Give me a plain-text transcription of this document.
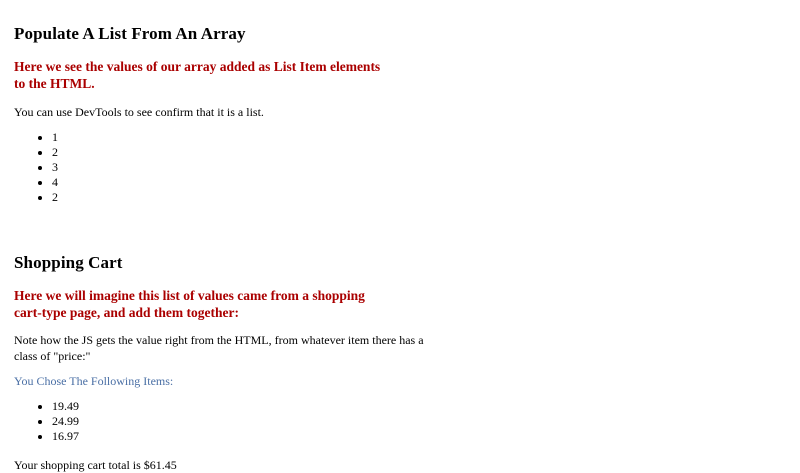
Populate A List From An Array
Here we see the values of our array added as List Item elements to the HTML.

You can use DevTools to see confirm that it is a list.

• 1
• 2
• 3
• 4
• 2
Shopping Cart
Here we will imagine this list of values came from a shopping cart-type page, and add them together:

Note how the JS gets the value right from the HTML, from whatever item there has a class of "price:"

You Chose The Following Items:

• 19.49
• 24.99
• 16.97

Your shopping cart total is $61.45
